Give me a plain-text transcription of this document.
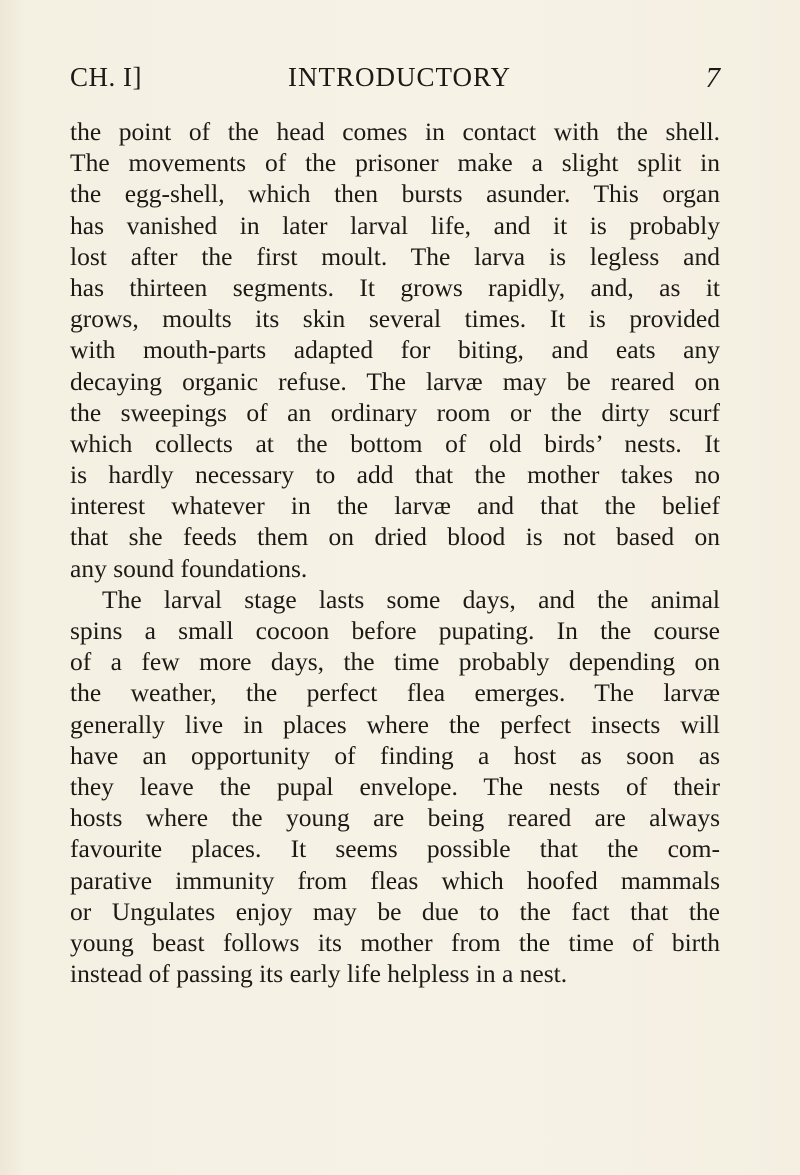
CH. I]	INTRODUCTORY	7
the point of the head comes in contact with the shell.
The movements of the prisoner make a slight split in
the egg-shell, which then bursts asunder. This organ
has vanished in later larval life, and it is probably
lost after the first moult. The larva is legless and
has thirteen segments. It grows rapidly, and, as it
grows, moults its skin several times. It is provided
with mouth-parts adapted for biting, and eats any
decaying organic refuse. The larvæ may be reared on
the sweepings of an ordinary room or the dirty scurf
which collects at the bottom of old birds’ nests. It
is hardly necessary to add that the mother takes no
interest whatever in the larvæ and that the belief
that she feeds them on dried blood is not based on
any sound foundations.
The larval stage lasts some days, and the animal
spins a small cocoon before pupating. In the course
of a few more days, the time probably depending on
the weather, the perfect flea emerges. The larvæ
generally live in places where the perfect insects will
have an opportunity of finding a host as soon as
they leave the pupal envelope. The nests of their
hosts where the young are being reared are always
favourite places. It seems possible that the com-
parative immunity from fleas which hoofed mammals
or Ungulates enjoy may be due to the fact that the
young beast follows its mother from the time of birth
instead of passing its early life helpless in a nest.
